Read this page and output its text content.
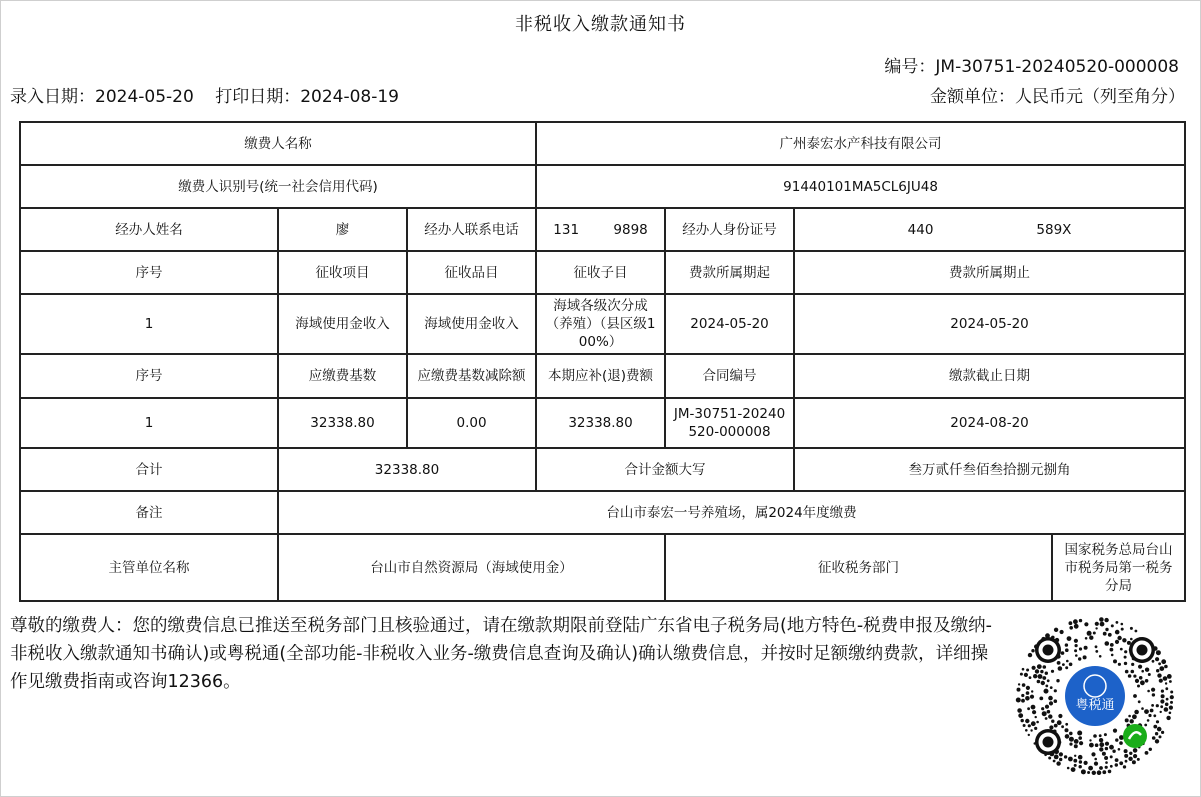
非税收入缴款通知书
编号：JM-30751-20240520-000008
录入日期：2024-05-20 打印日期：2024-08-19	金额单位：人民币元（列至角分）
缴费人名称			广州泰宏水产科技有限公司			
缴费人识别号(统一社会信用代码)			91440101MA5CL6JU48			
经办人姓名	廖	经办人联系电话	131        9898	经办人身份证号	440                        589X	
序号	征收项目	征收品目	征收子目	费款所属期起	费款所属期止	
1	海域使用金收入	海域使用金收入	海域各级次分成（养殖）（县区级100%）	2024-05-20	2024-05-20	
序号	应缴费基数	应缴费基数减除额	本期应补(退)费额	合同编号	缴款截止日期	
1	32338.80	0.00	32338.80	JM-30751-20240520-000008	2024-08-20	
合计	32338.80		合计金额大写		叁万贰仟叁佰叁拾捌元捌角	
备注	台山市泰宏一号养殖场，属2024年度缴费					
主管单位名称	台山市自然资源局（海域使用金）			征收税务部门		国家税务总局台山市税务局第一税务分局
尊敬的缴费人：您的缴费信息已推送至税务部门且核验通过，请在缴款期限前登陆广东省电子税务局(地方特色-税费申报及缴纳-非税收入缴款通知书确认)或粤税通(全部功能-非税收入业务-缴费信息查询及确认)确认缴费信息，并按时足额缴纳费款，详细操作见缴费指南或咨询12366。
粤税通
